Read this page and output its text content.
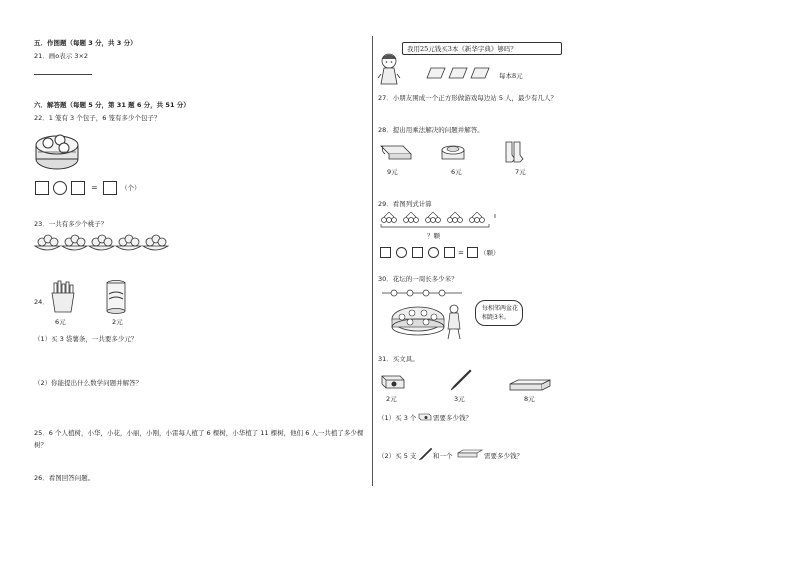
五．作图题（每题 3 分，共 3 分）
21．画o表示 3×2
六．解答题（每题 5 分，第 31 题 6 分，共 51 分）
22．1 笼有 3 个包子，6 笼有多少个包子？
=	（个）
23．一共有多少个桃子？
24．
6元	2元
（1）买 3 袋薯条，一共要多少元？
（2）你能提出什么数学问题并解答？
25．6 个人植树，小华，小花，小丽，小刚，小雷每人植了 6 棵树，小华植了 11 棵树，他们 6 人一共植了多少棵树？
26．看图回答问题。
我用25元钱买3本《新华字典》够吗？
每本8元
27．小朋友围成一个正方形做游戏每边站 5 人，最少有几人？
28．提出用乘法解决的问题并解答。
9元	6元	7元
29．看图列式计算
？颗
= （颗）
30．花坛的一周长多少米？
每相邻两盆花相距3米。
31．买文具。
2元	3元	8元
（1）买 3 个	需要多少钱？
（2）买 5 支	和一个	需要多少钱？
